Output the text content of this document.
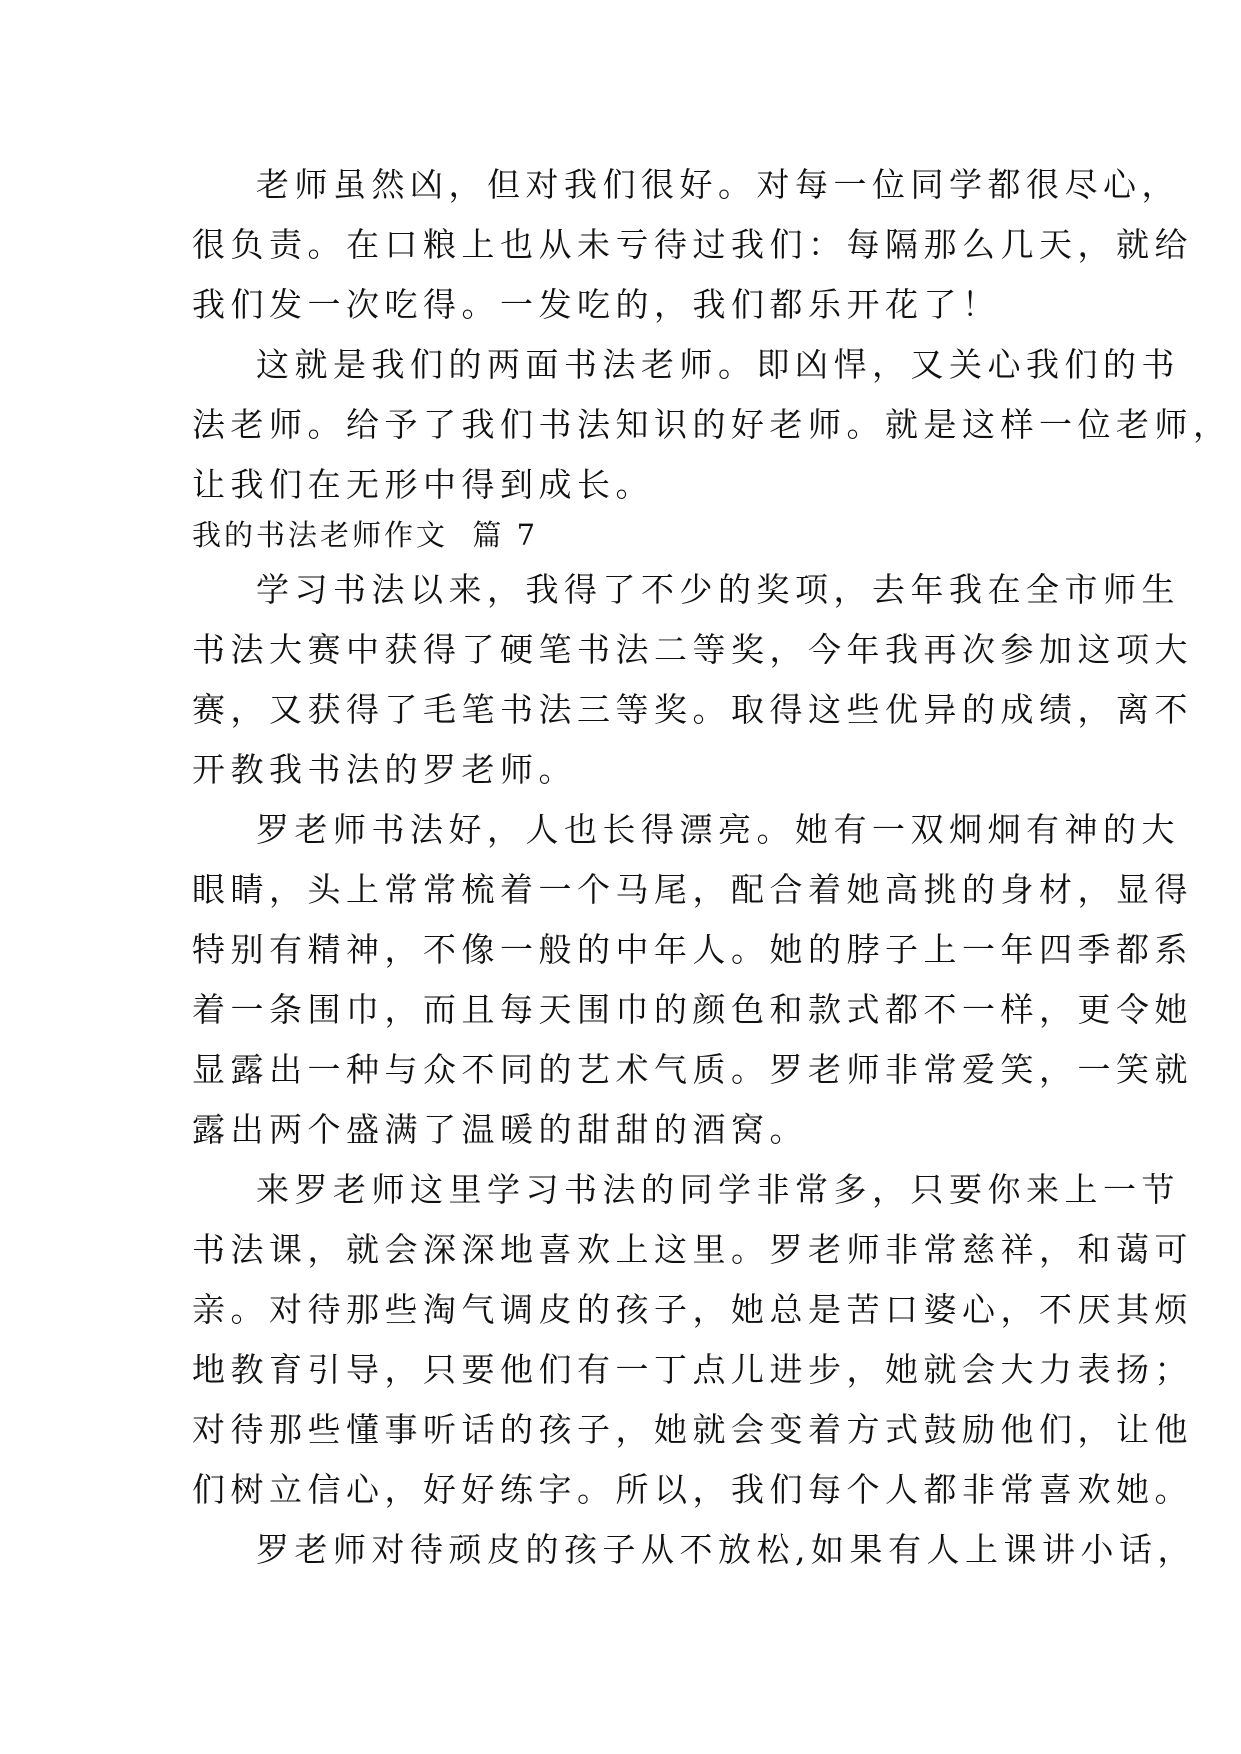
老师虽然凶，但对我们很好。对每一位同学都很尽心，
很负责。在口粮上也从未亏待过我们：每隔那么几天，就给
我们发一次吃得。一发吃的，我们都乐开花了！
这就是我们的两面书法老师。即凶悍，又关心我们的书
法老师。给予了我们书法知识的好老师。就是这样一位老师，
让我们在无形中得到成长。
我的书法老师作文  篇 7
学习书法以来，我得了不少的奖项，去年我在全市师生
书法大赛中获得了硬笔书法二等奖，今年我再次参加这项大
赛，又获得了毛笔书法三等奖。取得这些优异的成绩，离不
开教我书法的罗老师。
罗老师书法好，人也长得漂亮。她有一双炯炯有神的大
眼睛，头上常常梳着一个马尾，配合着她高挑的身材，显得
特别有精神，不像一般的中年人。她的脖子上一年四季都系
着一条围巾，而且每天围巾的颜色和款式都不一样，更令她
显露出一种与众不同的艺术气质。罗老师非常爱笑，一笑就
露出两个盛满了温暖的甜甜的酒窝。
来罗老师这里学习书法的同学非常多，只要你来上一节
书法课，就会深深地喜欢上这里。罗老师非常慈祥，和蔼可
亲。对待那些淘气调皮的孩子，她总是苦口婆心，不厌其烦
地教育引导，只要他们有一丁点儿进步，她就会大力表扬；
对待那些懂事听话的孩子，她就会变着方式鼓励他们，让他
们树立信心，好好练字。所以，我们每个人都非常喜欢她。
罗老师对待顽皮的孩子从不放松,如果有人上课讲小话，
